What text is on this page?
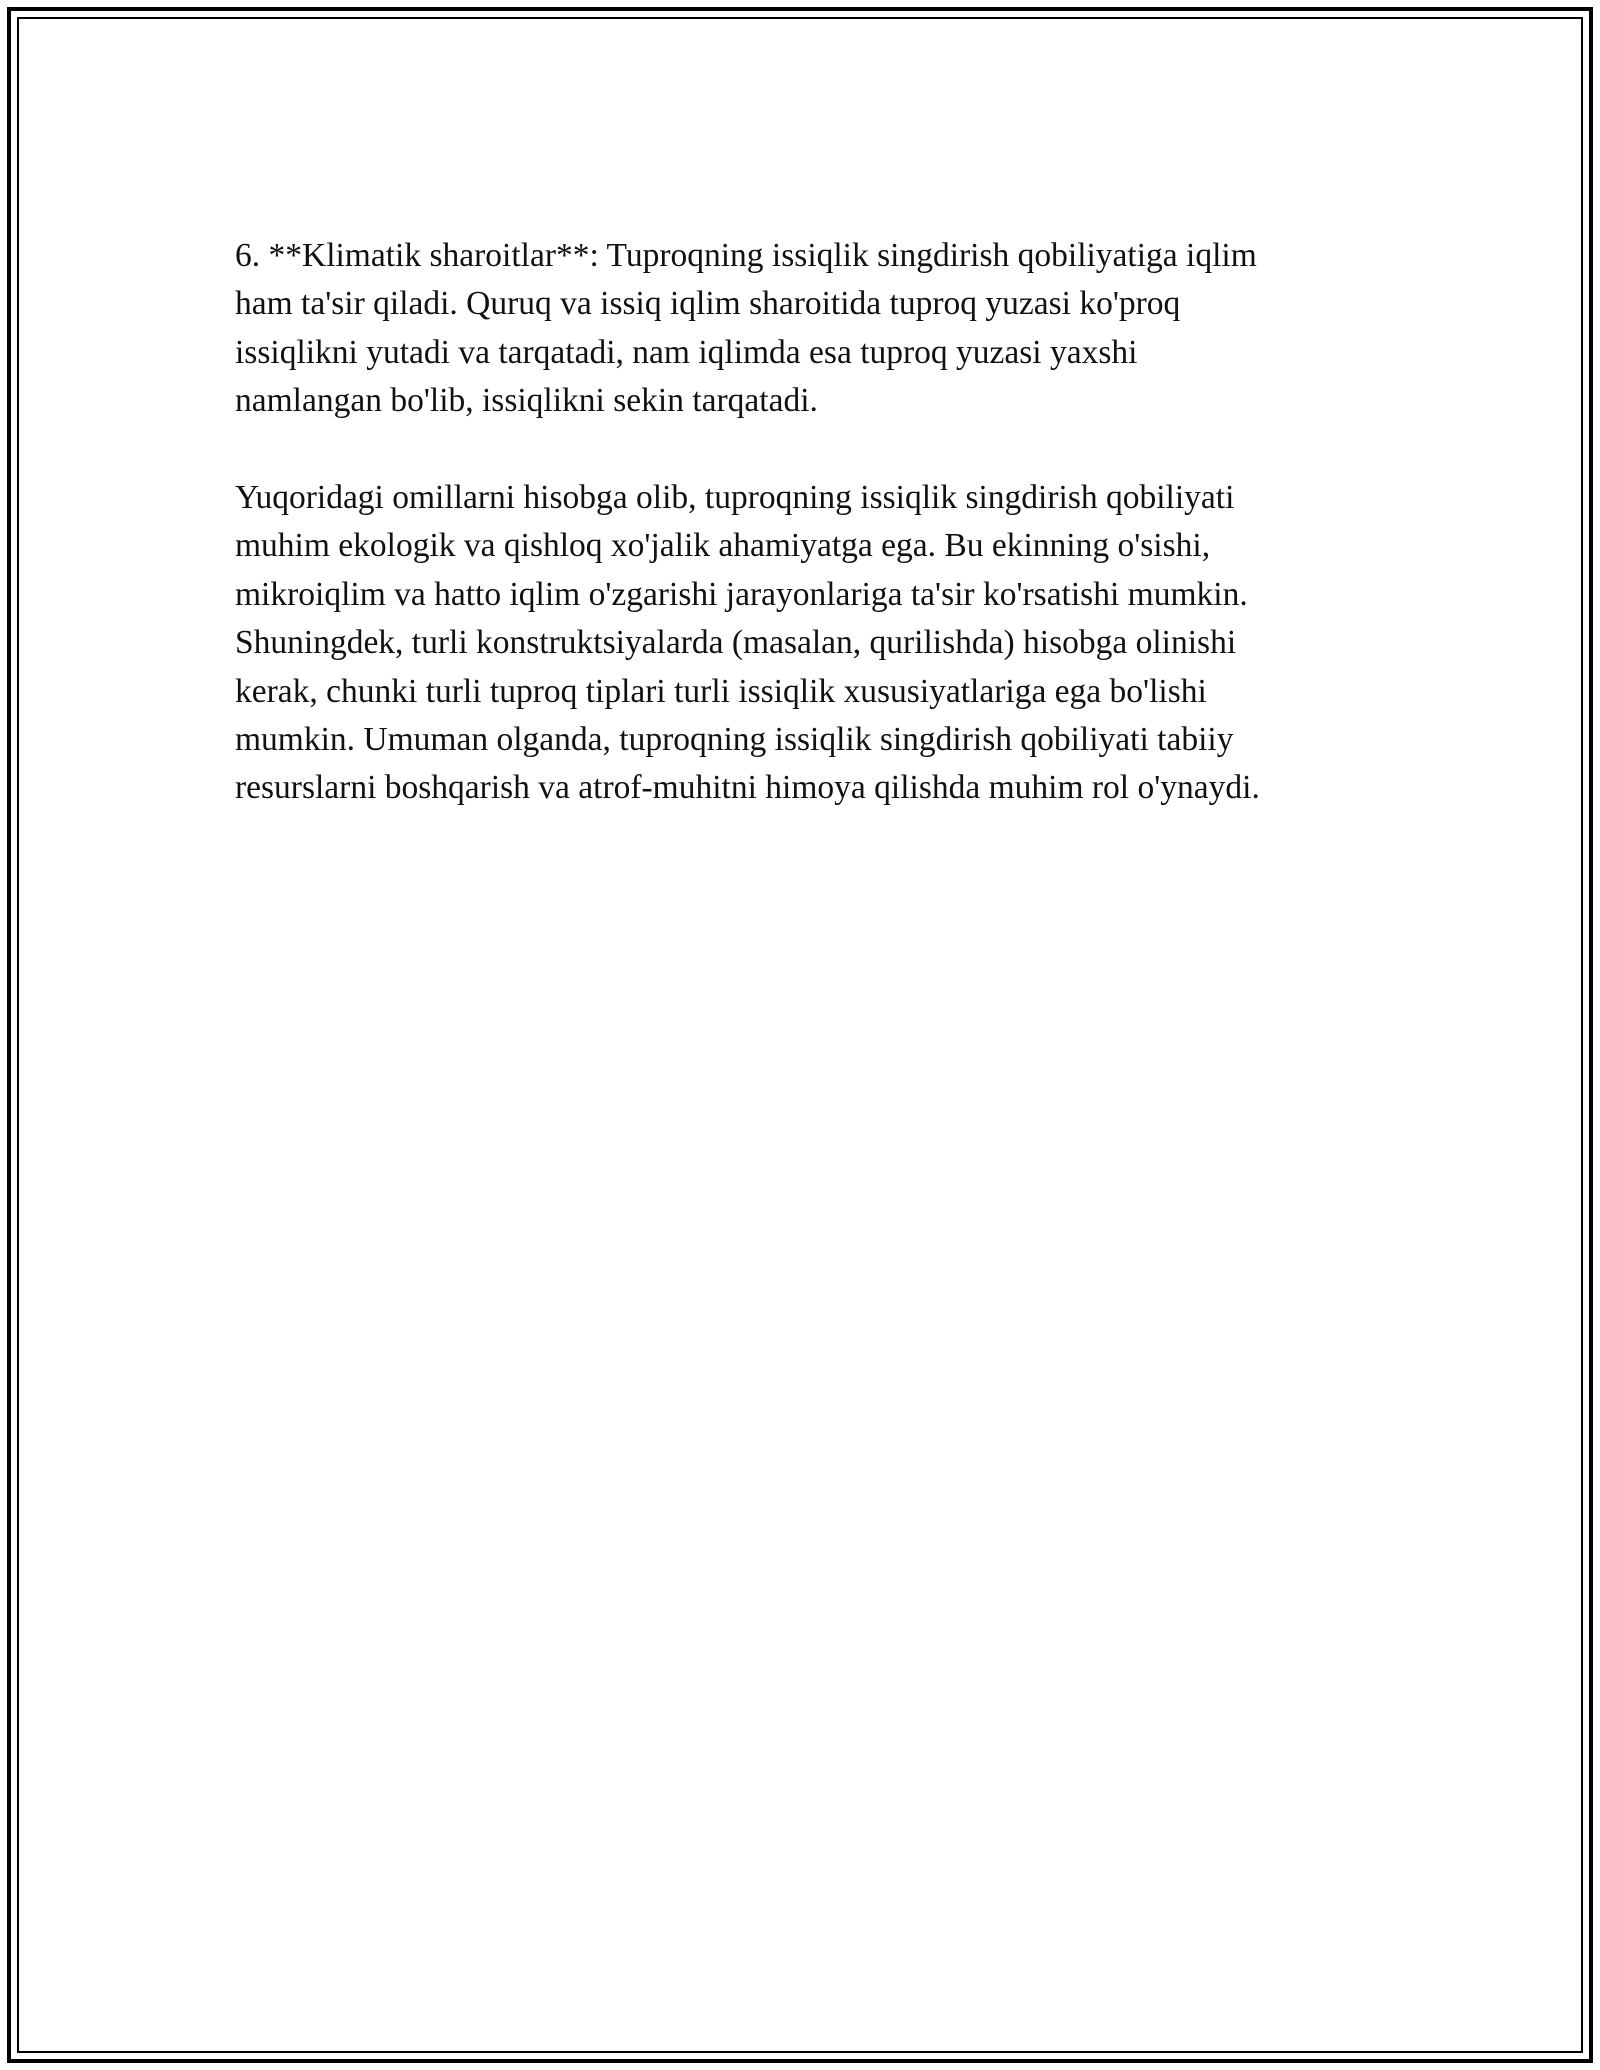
6. **Klimatik sharoitlar**: Tuproqning issiqlik singdirish qobiliyatiga iqlim
ham ta'sir qiladi. Quruq va issiq iqlim sharoitida tuproq yuzasi ko'proq
issiqlikni yutadi va tarqatadi, nam iqlimda esa tuproq yuzasi yaxshi
namlangan bo'lib, issiqlikni sekin tarqatadi.

Yuqoridagi omillarni hisobga olib, tuproqning issiqlik singdirish qobiliyati
muhim ekologik va qishloq xo'jalik ahamiyatga ega. Bu ekinning o'sishi,
mikroiqlim va hatto iqlim o'zgarishi jarayonlariga ta'sir ko'rsatishi mumkin.
Shuningdek, turli konstruktsiyalarda (masalan, qurilishda) hisobga olinishi
kerak, chunki turli tuproq tiplari turli issiqlik xususiyatlariga ega bo'lishi
mumkin. Umuman olganda, tuproqning issiqlik singdirish qobiliyati tabiiy
resurslarni boshqarish va atrof-muhitni himoya qilishda muhim rol o'ynaydi.
